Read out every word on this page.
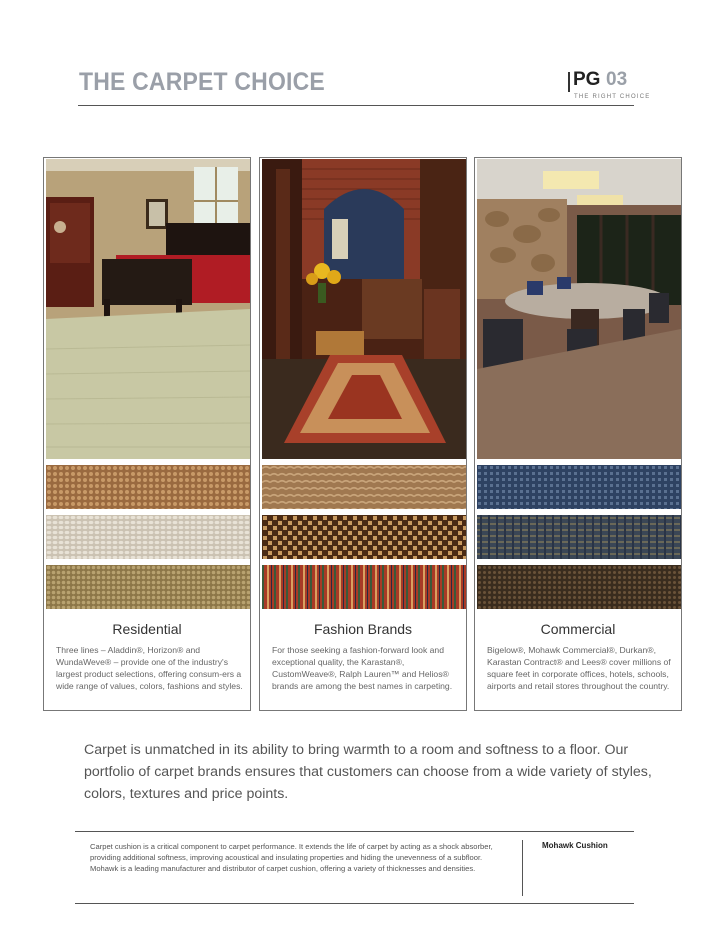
THE CARPET CHOICE	PG 03
THE RIGHT CHOICE
Residential
Three lines – Aladdin®, Horizon® and WundaWeve® – provide one of the industry's largest product selections, offering consum-ers a wide range of values, colors, fashions and styles.
Fashion Brands
For those seeking a fashion-forward look and exceptional quality, the Karastan®, CustomWeave®, Ralph Lauren™ and Helios® brands are among the best names in carpeting.
Commercial
Bigelow®, Mohawk Commercial®, Durkan®, Karastan Contract® and Lees® cover millions of square feet in corporate offices, hotels, schools, airports and retail stores throughout the country.
Carpet is unmatched in its ability to bring warmth to a room and softness to a floor. Our portfolio of carpet brands ensures that customers can choose from a wide variety of styles, colors, textures and price points.
Carpet cushion is a critical component to carpet performance. It extends the life of carpet by acting as a shock absorber, providing additional softness, improving acoustical and insulating properties and hiding the unevenness of a subfloor. Mohawk is a leading manufacturer and distributor of carpet cushion, offering a variety of thicknesses and densities.
Mohawk Cushion
